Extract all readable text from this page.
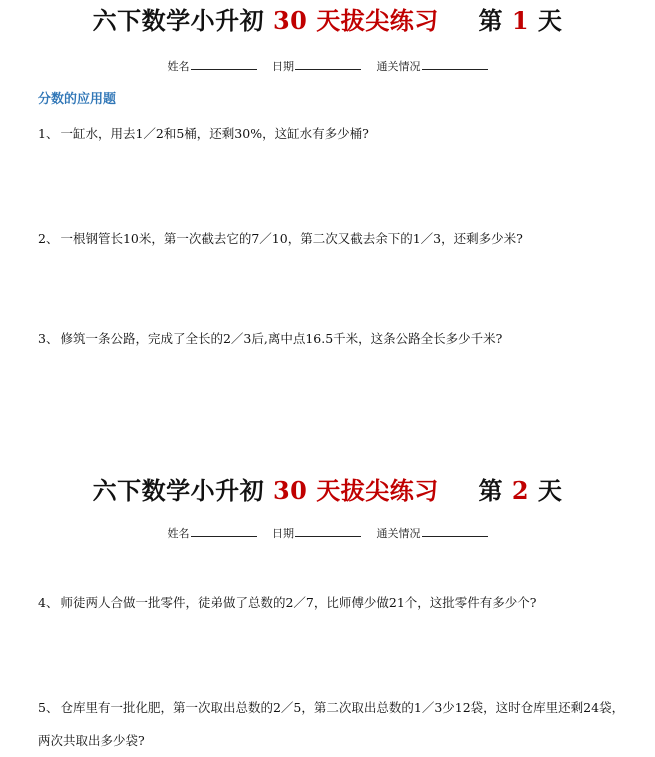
六下数学小升初 30 天拔尖练习 第 1 天
姓名	日期	通关情况
分数的应用题
1、 一缸水，用去1／2和5桶，还剩30%，这缸水有多少桶?
2、 一根钢管长10米，第一次截去它的7／10，第二次又截去余下的1／3，还剩多少米?
3、 修筑一条公路，完成了全长的2／3后,离中点16.5千米，这条公路全长多少千米?
六下数学小升初 30 天拔尖练习 第 2 天
姓名	日期	通关情况
4、 师徒两人合做一批零件，徒弟做了总数的2／7，比师傅少做21个，这批零件有多少个?
5、 仓库里有一批化肥，第一次取出总数的2／5，第二次取出总数的1／3少12袋，这时仓库里还剩24袋，两次共取出多少袋?
